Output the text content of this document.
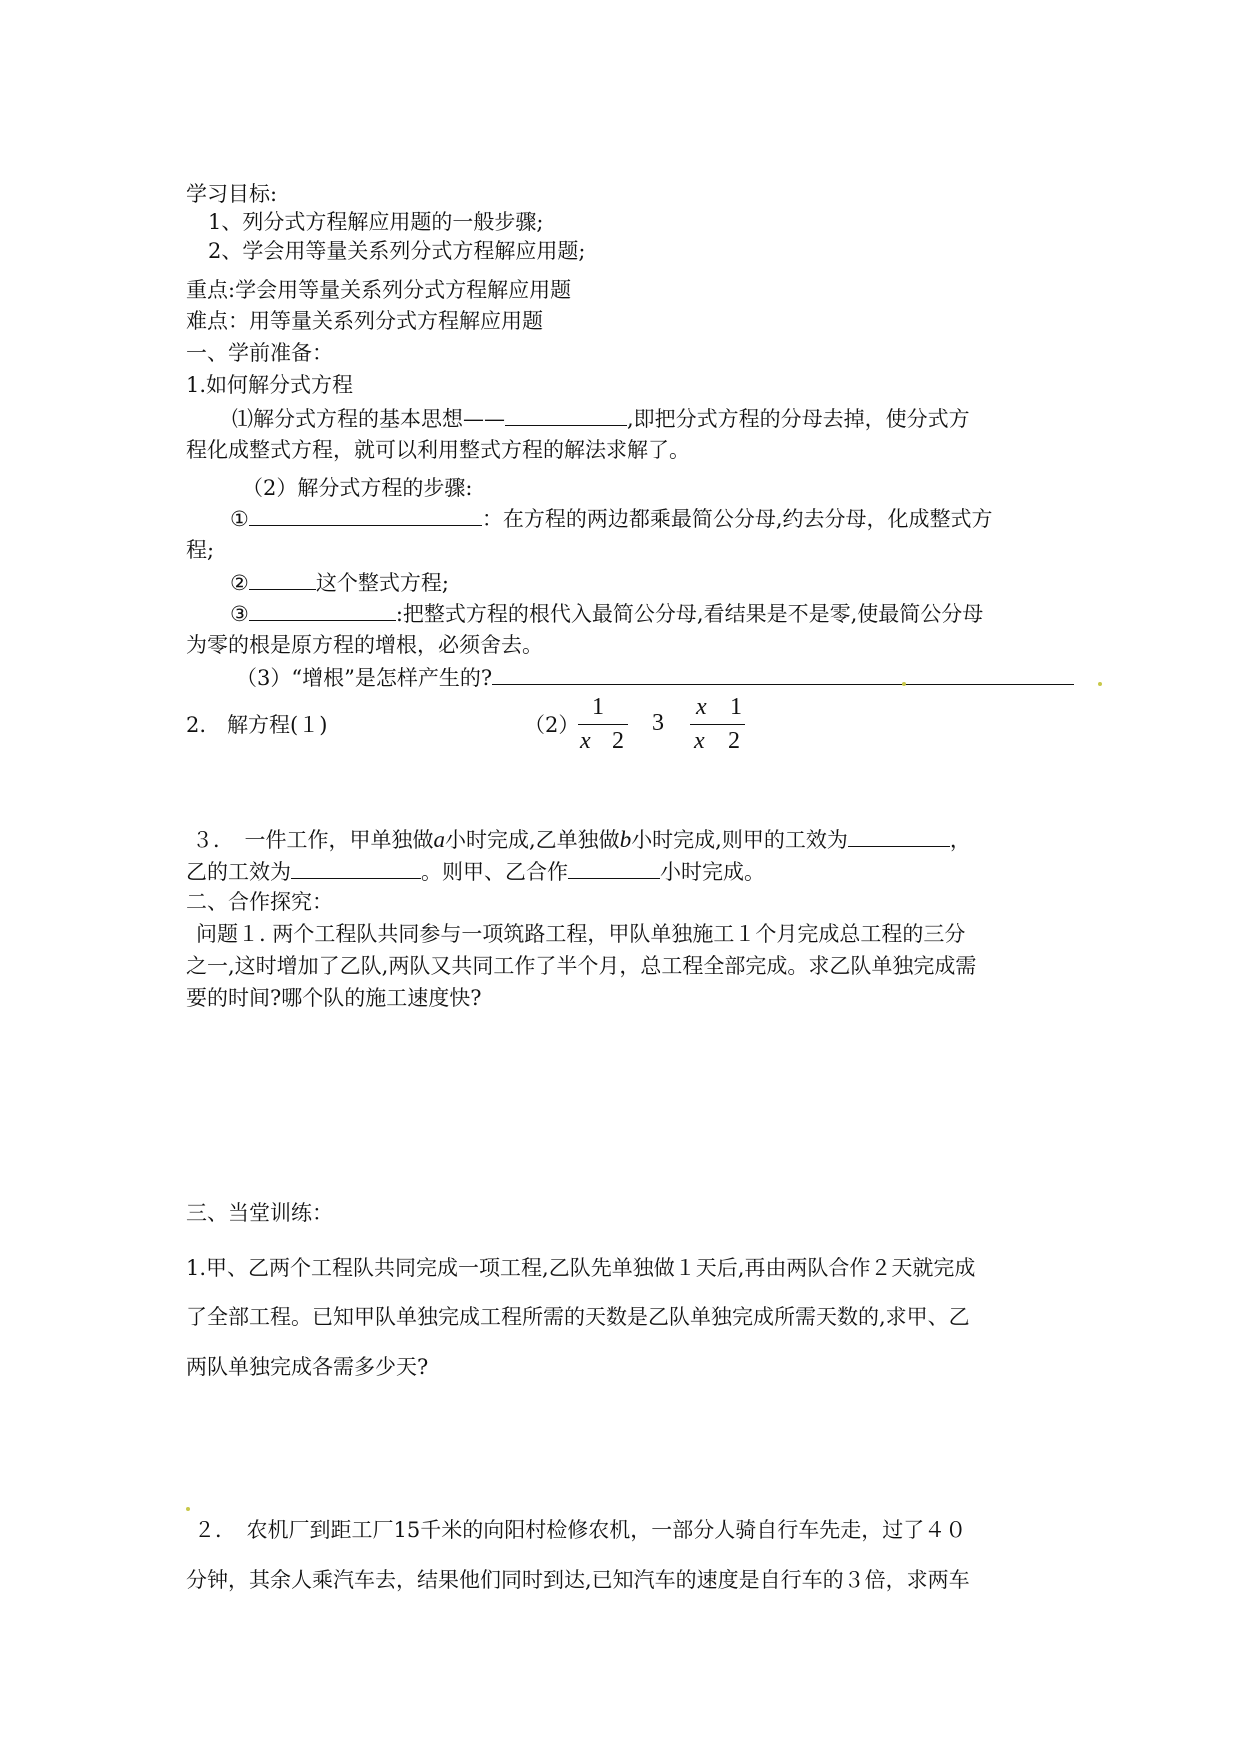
学习目标:
1、列分式方程解应用题的一般步骤;
2、学会用等量关系列分式方程解应用题;
重点:学会用等量关系列分式方程解应用题
难点：用等量关系列分式方程解应用题
一、学前准备：
1.如何解分式方程
⑴解分式方程的基本思想——	,即把分式方程的分母去掉，使分式方
程化成整式方程，就可以利用整式方程的解法求解了。
（2）解分式方程的步骤:
①	：在方程的两边都乘最简公分母,约去分母，化成整式方
程;
②	这个整式方程;
③	:把整式方程的根代入最简公分母,看结果是不是零,使最简公分母
为零的根是原方程的增根，必须舍去。
（3）“增根”是怎样产生的?
2.　解方程(１)	（2）
1
x 2
3
x 1
x 2
３．　一件工作，甲单独做a小时完成,乙单独做b小时完成,则甲的工效为	，
乙的工效为	。则甲、乙合作	小时完成。
二、合作探究：
问题１. 两个工程队共同参与一项筑路工程，甲队单独施工１个月完成总工程的三分
之一,这时增加了乙队,两队又共同工作了半个月，总工程全部完成。求乙队单独完成需
要的时间?哪个队的施工速度快?
三、当堂训练：
1.甲、乙两个工程队共同完成一项工程,乙队先单独做１天后,再由两队合作２天就完成
了全部工程。已知甲队单独完成工程所需的天数是乙队单独完成所需天数的,求甲、乙
两队单独完成各需多少天?
２．　农机厂到距工厂15千米的向阳村检修农机，一部分人骑自行车先走，过了４０
分钟，其余人乘汽车去，结果他们同时到达,已知汽车的速度是自行车的３倍，求两车
